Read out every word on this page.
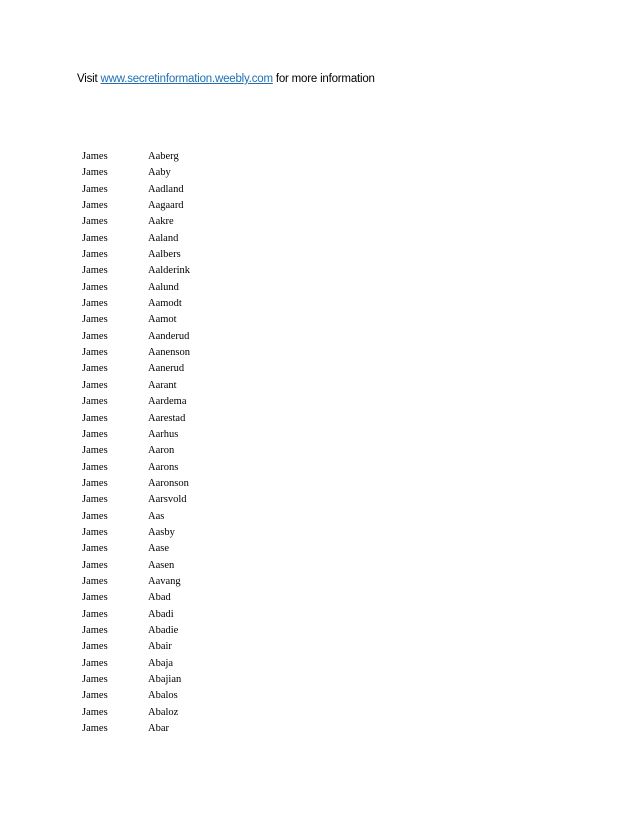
Visit www.secretinformation.weebly.com for more information
James	Aaberg
James	Aaby
James	Aadland
James	Aagaard
James	Aakre
James	Aaland
James	Aalbers
James	Aalderink
James	Aalund
James	Aamodt
James	Aamot
James	Aanderud
James	Aanenson
James	Aanerud
James	Aarant
James	Aardema
James	Aarestad
James	Aarhus
James	Aaron
James	Aarons
James	Aaronson
James	Aarsvold
James	Aas
James	Aasby
James	Aase
James	Aasen
James	Aavang
James	Abad
James	Abadi
James	Abadie
James	Abair
James	Abaja
James	Abajian
James	Abalos
James	Abaloz
James	Abar
